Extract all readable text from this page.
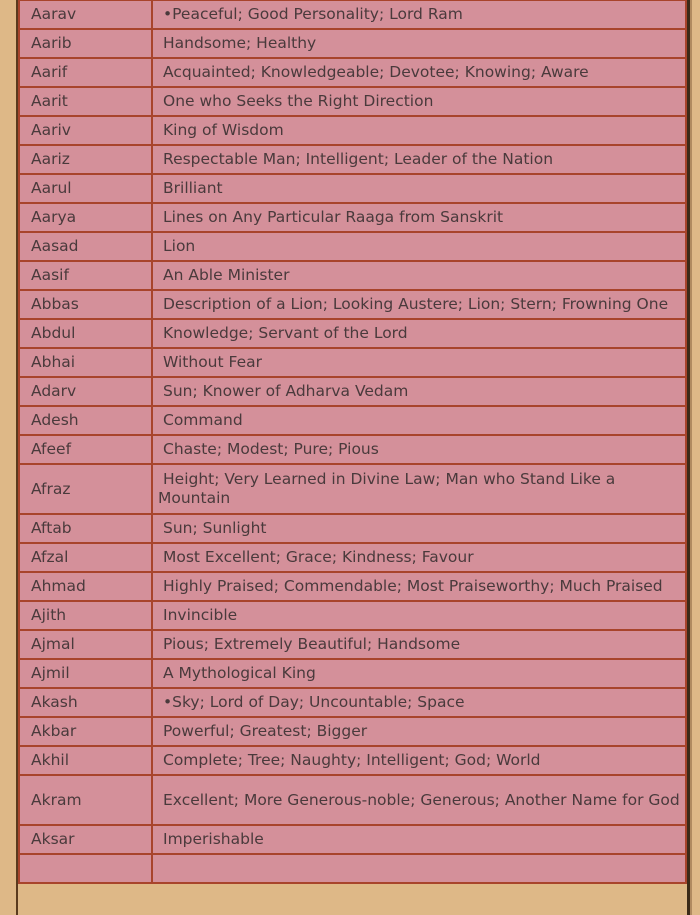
Aarav	•Peaceful; Good Personality; Lord Ram
Aarib	Handsome; Healthy
Aarif	Acquainted; Knowledgeable; Devotee; Knowing; Aware
Aarit	One who Seeks the Right Direction
Aariv	King of Wisdom
Aariz	Respectable Man; Intelligent; Leader of the Nation
Aarul	Brilliant
Aarya	Lines on Any Particular Raaga from Sanskrit
Aasad	Lion
Aasif	An Able Minister
Abbas	Description of a Lion; Looking Austere; Lion; Stern; Frowning One
Abdul	Knowledge; Servant of the Lord
Abhai	Without Fear
Adarv	Sun; Knower of Adharva Vedam
Adesh	Command
Afeef	Chaste; Modest; Pure; Pious
Afraz	Height; Very Learned in Divine Law; Man who Stand Like a Mountain
Aftab	Sun; Sunlight
Afzal	Most Excellent; Grace; Kindness; Favour
Ahmad	Highly Praised; Commendable; Most Praiseworthy; Much Praised
Ajith	Invincible
Ajmal	Pious; Extremely Beautiful; Handsome
Ajmil	A Mythological King
Akash	•Sky; Lord of Day; Uncountable; Space
Akbar	Powerful; Greatest; Bigger
Akhil	Complete; Tree; Naughty; Intelligent; God; World
Akram	Excellent; More Generous-noble; Generous; Another Name for God
Aksar	Imperishable
